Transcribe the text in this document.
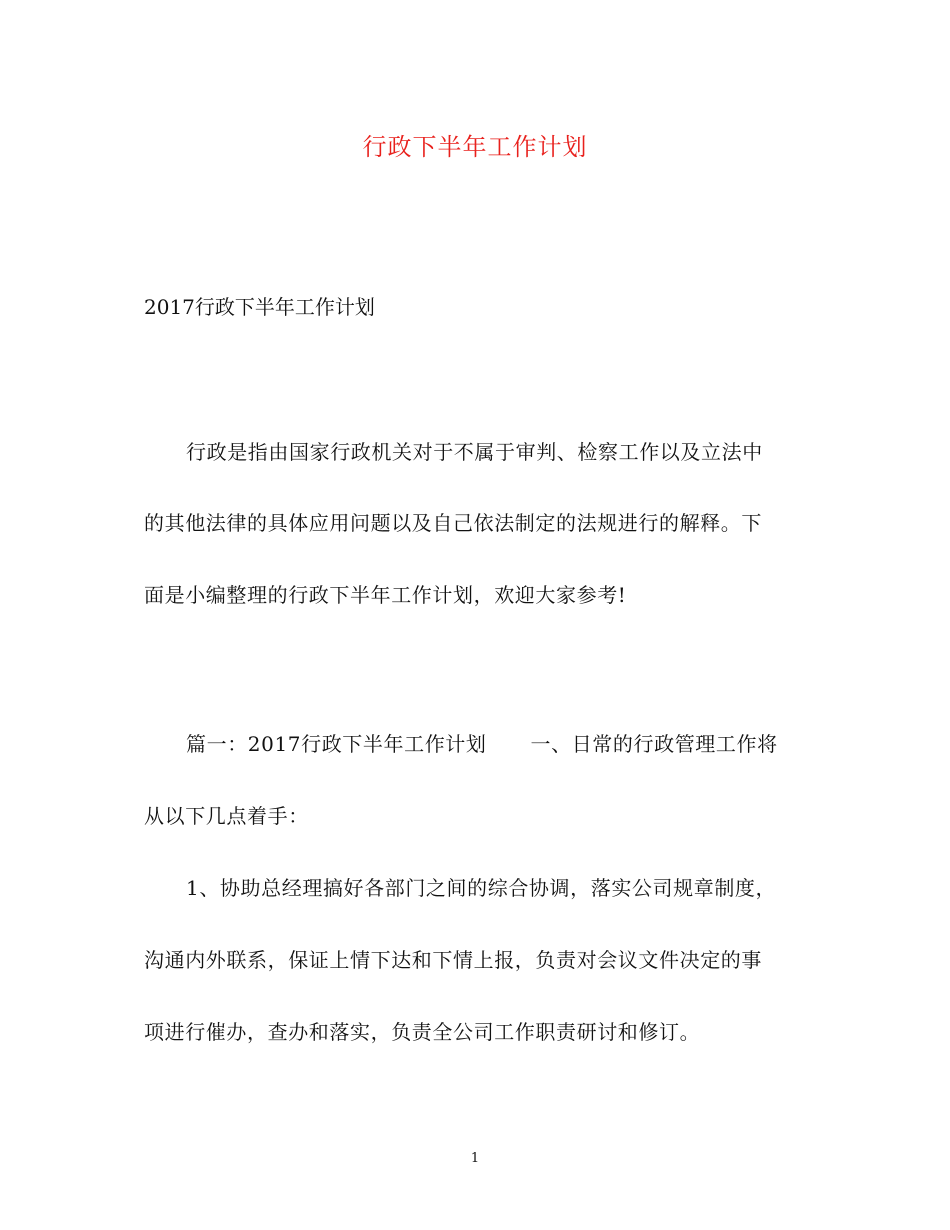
行政下半年工作计划

2017行政下半年工作计划

行政是指由国家行政机关对于不属于审判、检察工作以及立法中

的其他法律的具体应用问题以及自己依法制定的法规进行的解释。下

面是小编整理的行政下半年工作计划，欢迎大家参考!

篇一：2017行政下半年工作计划 一、日常的行政管理工作将

从以下几点着手：

1、协助总经理搞好各部门之间的综合协调，落实公司规章制度，

沟通内外联系，保证上情下达和下情上报，负责对会议文件决定的事

项进行催办，查办和落实，负责全公司工作职责研讨和修订。

1
